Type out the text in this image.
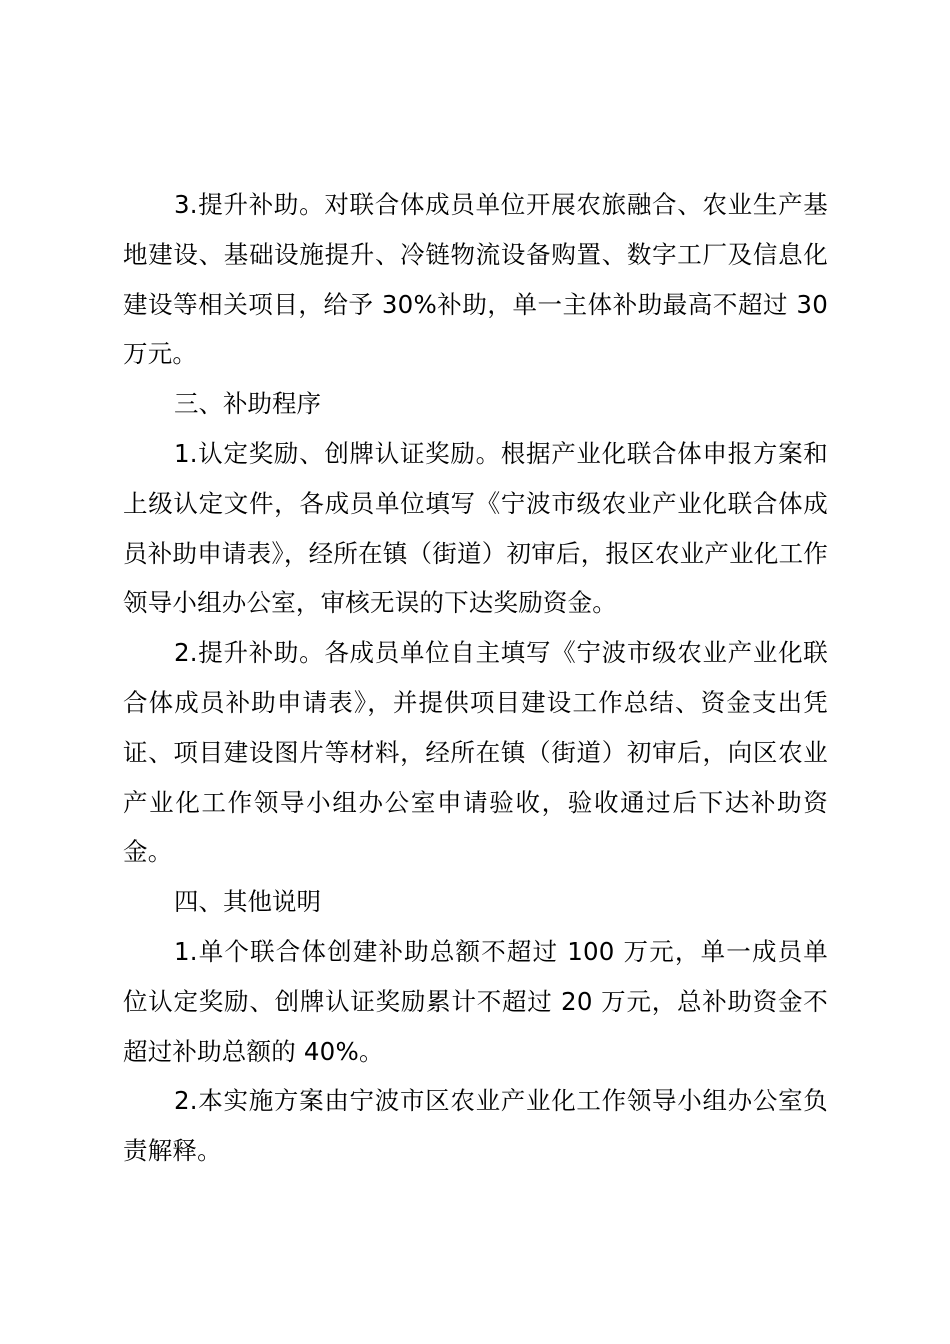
3.提升补助。对联合体成员单位开展农旅融合、农业生产基地建设、基础设施提升、冷链物流设备购置、数字工厂及信息化建设等相关项目，给予 30%补助，单一主体补助最高不超过 30 万元。

三、补助程序

1.认定奖励、创牌认证奖励。根据产业化联合体申报方案和上级认定文件，各成员单位填写《宁波市级农业产业化联合体成员补助申请表》，经所在镇（街道）初审后，报区农业产业化工作领导小组办公室，审核无误的下达奖励资金。

2.提升补助。各成员单位自主填写《宁波市级农业产业化联合体成员补助申请表》，并提供项目建设工作总结、资金支出凭证、项目建设图片等材料，经所在镇（街道）初审后，向区农业产业化工作领导小组办公室申请验收，验收通过后下达补助资金。

四、其他说明

1.单个联合体创建补助总额不超过 100 万元，单一成员单位认定奖励、创牌认证奖励累计不超过 20 万元，总补助资金不超过补助总额的 40%。

2.本实施方案由宁波市区农业产业化工作领导小组办公室负责解释。
